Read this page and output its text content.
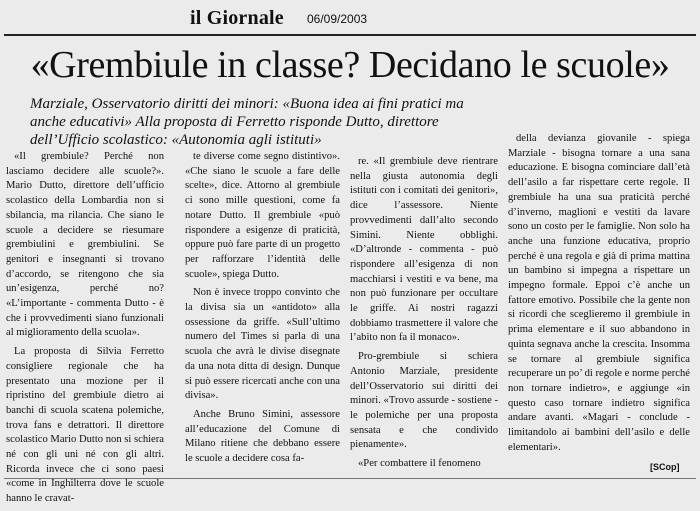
il Giornale 06/09/2003
«Grembiule in classe? Decidano le scuole»
Marziale, Osservatorio diritti dei minori: «Buona idea ai fini pratici ma anche educativi» Alla proposta di Ferretto risponde Dutto, direttore dell’Ufficio scolastico: «Autonomia agli istituti»

«Il grembiule? Perché non lasciamo decidere alle scuole?». Mario Dutto, direttore dell’ufficio scolastico della Lombardia non si sbilancia, ma rilancia. Che siano le scuole a decidere se riesumare grembiulini e grembiulini. Se genitori e insegnanti si trovano d’accordo, se ritengono che sia un’esigenza, perché no? «L’importante - commenta Dutto - è che i provvedimenti siano funzionali al miglioramento della scuola».

La proposta di Silvia Ferretto consigliere regionale che ha presentato una mozione per il ripristino del grembiule dietro ai banchi di scuola scatena polemiche, trova fans e detrattori. Il direttore scolastico Mario Dutto non si schiera né con gli uni né con gli altri. Ricorda invece che ci sono paesi «come in Inghilterra dove le scuole hanno le cravat-

te diverse come segno distintivo». «Che siano le scuole a fare delle scelte», dice. Attorno al grembiule ci sono mille questioni, come fa notare Dutto. Il grembiule «può rispondere a esigenze di praticità, oppure può fare parte di un progetto per rafforzare l’identità delle scuole», spiega Dutto.

Non è invece troppo convinto che la divisa sia un «antidoto» alla ossessione da griffe. «Sull’ultimo numero del Times si parla di una scuola che avrà le divise disegnate da una nota ditta di design. Dunque si può essere ricercati anche con una divisa».

Anche Bruno Simini, assessore all’educazione del Comune di Milano ritiene che debbano essere le scuole a decidere cosa fa-

re. «Il grembiule deve rientrare nella giusta autonomia degli istituti con i comitati dei genitori», dice l’assessore. Niente provvedimenti dall’alto secondo Simini. Niente obblighi. «D’altronde - commenta - può rispondere all’esigenza di non macchiarsi i vestiti e va bene, ma non può funzionare per occultare le griffe. Ai nostri ragazzi dobbiamo trasmettere il valore che l’abito non fa il monaco».

Pro-grembiule si schiera Antonio Marziale, presidente dell’Osservatorio sui diritti dei minori. «Trovo assurde - sostiene - le polemiche per una proposta sensata e che condivido pienamente».

«Per combattere il fenomeno

della devianza giovanile - spiega Marziale - bisogna tornare a una sana educazione. E bisogna cominciare dall’età dell’asilo a far rispettare certe regole. Il grembiule ha una sua praticità perché d’inverno, maglioni e vestiti da lavare sono un costo per le famiglie. Non solo ha anche una funzione educativa, proprio perché è una regola e già di prima mattina un bambino si impegna a rispettare un impegno formale. Eppoi c’è anche un fattore emotivo. Possibile che la gente non si ricordi che sceglieremo il grembiule in prima elementare e il suo abbandono in quinta segnava anche la crescita. Insomma se tornare al grembiule significa recuperare un po’ di regole e norme perché non tornare indietro», e aggiunge «in questo caso tornare indietro significa andare avanti. «Magari - conclude - limitandolo ai bambini dell’asilo e delle elementari».

[SCop]
